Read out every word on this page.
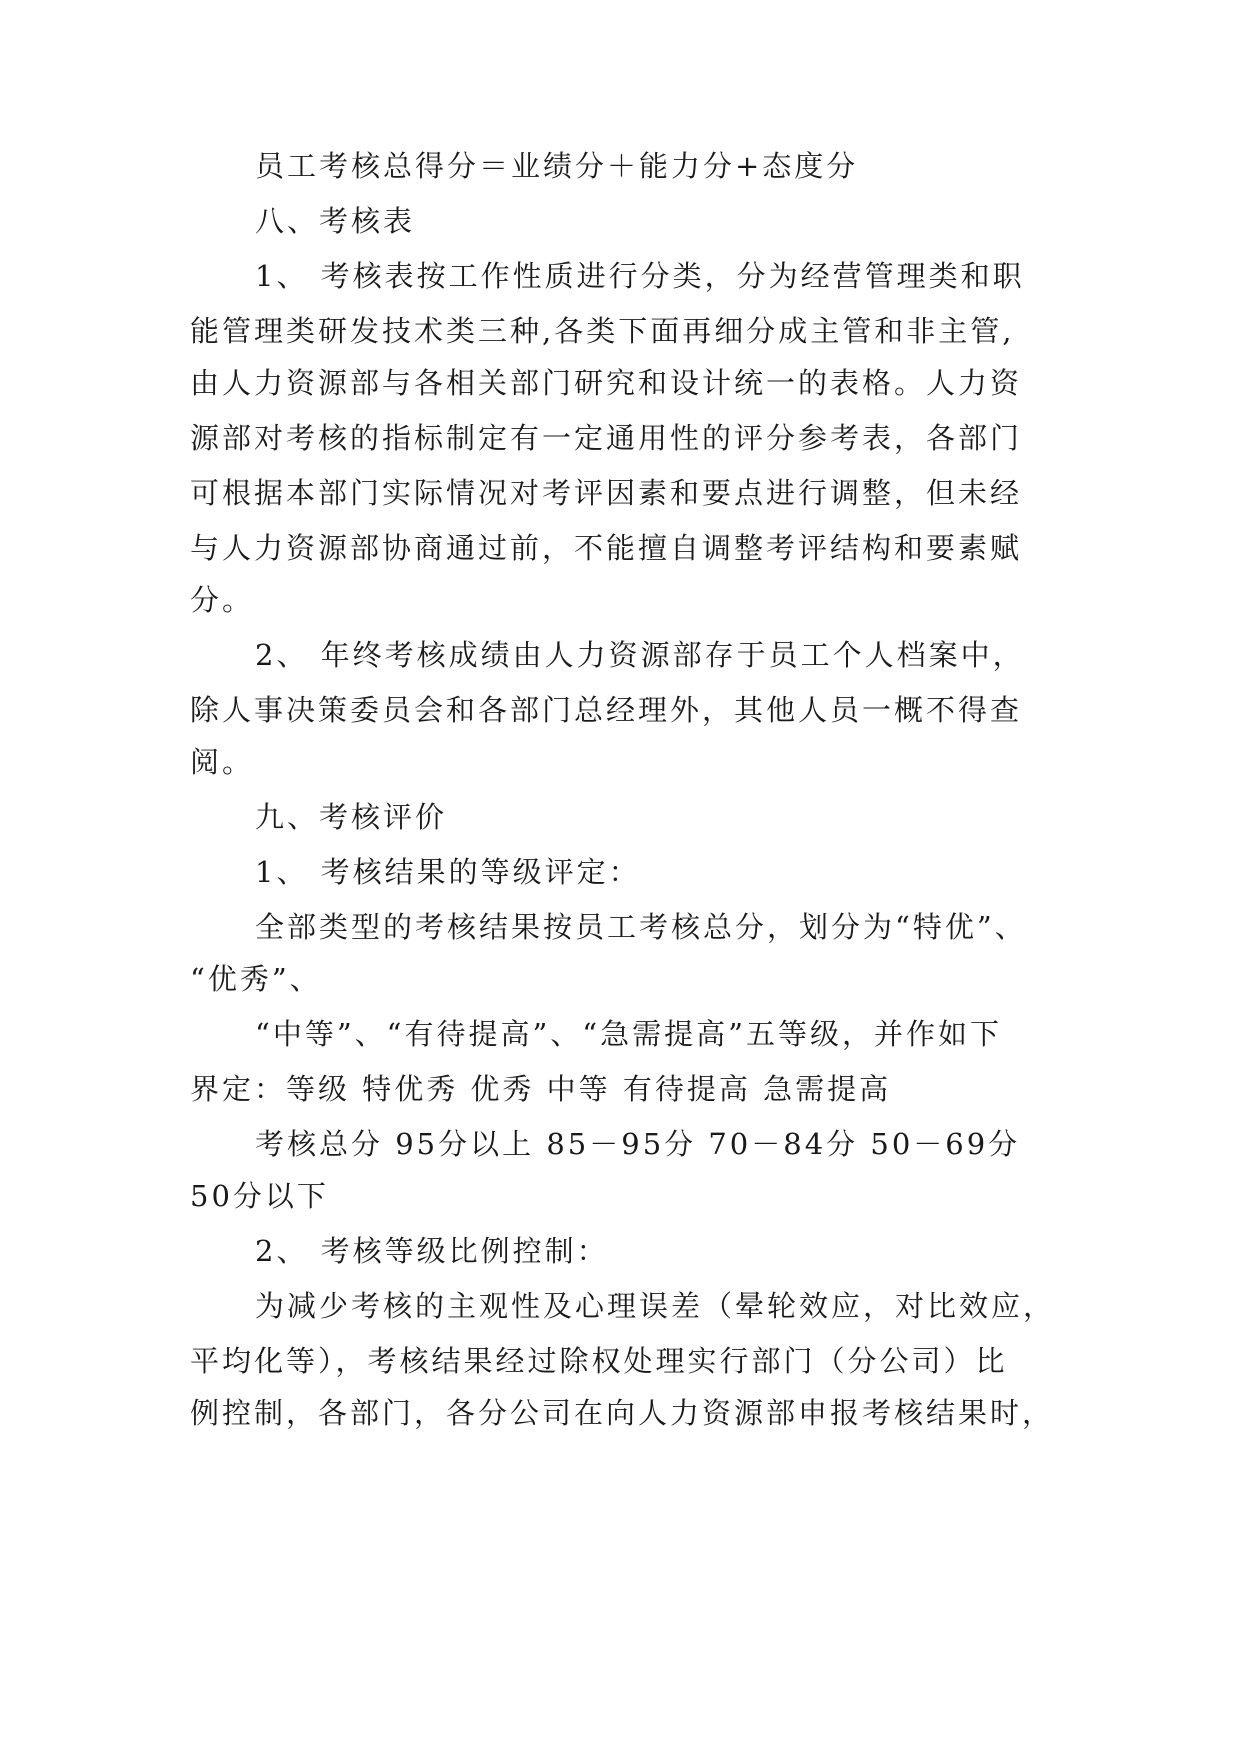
员工考核总得分＝业绩分＋能力分+态度分
八、考核表
1、 考核表按工作性质进行分类，分为经营管理类和职
能管理类研发技术类三种,各类下面再细分成主管和非主管,
由人力资源部与各相关部门研究和设计统一的表格。人力资
源部对考核的指标制定有一定通用性的评分参考表，各部门
可根据本部门实际情况对考评因素和要点进行调整，但未经
与人力资源部协商通过前，不能擅自调整考评结构和要素赋
分。
2、 年终考核成绩由人力资源部存于员工个人档案中，
除人事决策委员会和各部门总经理外，其他人员一概不得查
阅。
九、考核评价
1、 考核结果的等级评定：
全部类型的考核结果按员工考核总分，划分为“特优”、
“优秀”、
“中等”、“有待提高”、“急需提高”五等级，并作如下
界定：等级 特优秀 优秀 中等 有待提高 急需提高
考核总分 95分以上 85－95分 70－84分 50－69分
50分以下
2、 考核等级比例控制：
为减少考核的主观性及心理误差（晕轮效应，对比效应，
平均化等），考核结果经过除权处理实行部门（分公司）比
例控制，各部门，各分公司在向人力资源部申报考核结果时，
